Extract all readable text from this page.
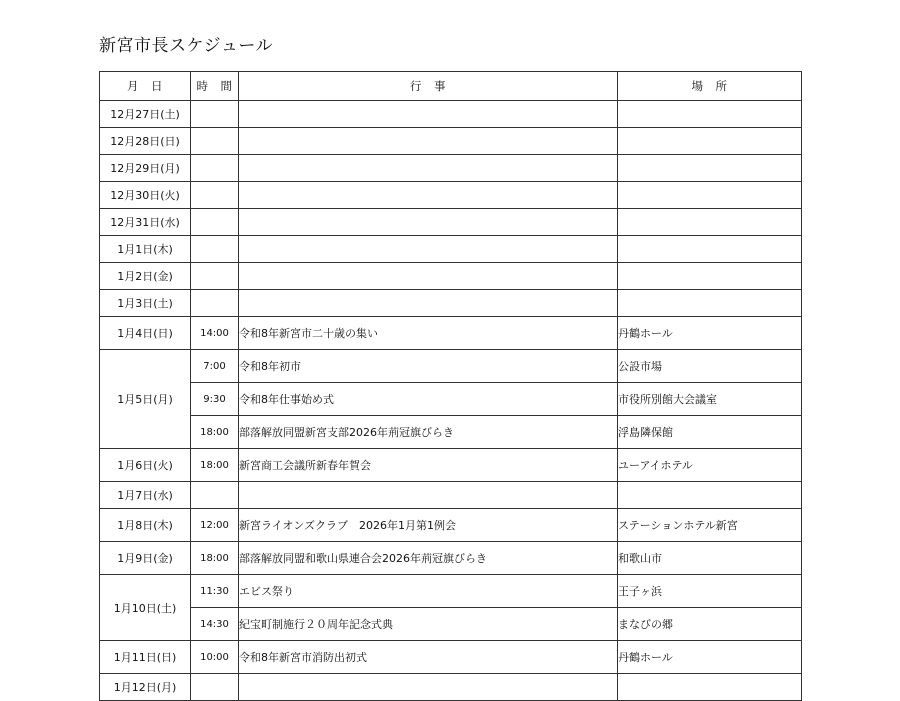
新宮市長スケジュール
月　日	時　間	行　事	場　所
12月27日(土)			
12月28日(日)			
12月29日(月)			
12月30日(火)			
12月31日(水)			
1月1日(木)			
1月2日(金)			
1月3日(土)			
1月4日(日)	14:00	令和8年新宮市二十歳の集い	丹鶴ホール
1月5日(月)	7:00	令和8年初市	公設市場
	9:30	令和8年仕事始め式	市役所別館大会議室
	18:00	部落解放同盟新宮支部2026年荊冠旗びらき	浮島隣保館
1月6日(火)	18:00	新宮商工会議所新春年賀会	ユーアイホテル
1月7日(水)			
1月8日(木)	12:00	新宮ライオンズクラブ　2026年1月第1例会	ステーションホテル新宮
1月9日(金)	18:00	部落解放同盟和歌山県連合会2026年荊冠旗びらき	和歌山市
1月10日(土)	11:30	エビス祭り	王子ヶ浜
	14:30	紀宝町制施行２０周年記念式典	まなびの郷
1月11日(日)	10:00	令和8年新宮市消防出初式	丹鶴ホール
1月12日(月)			
